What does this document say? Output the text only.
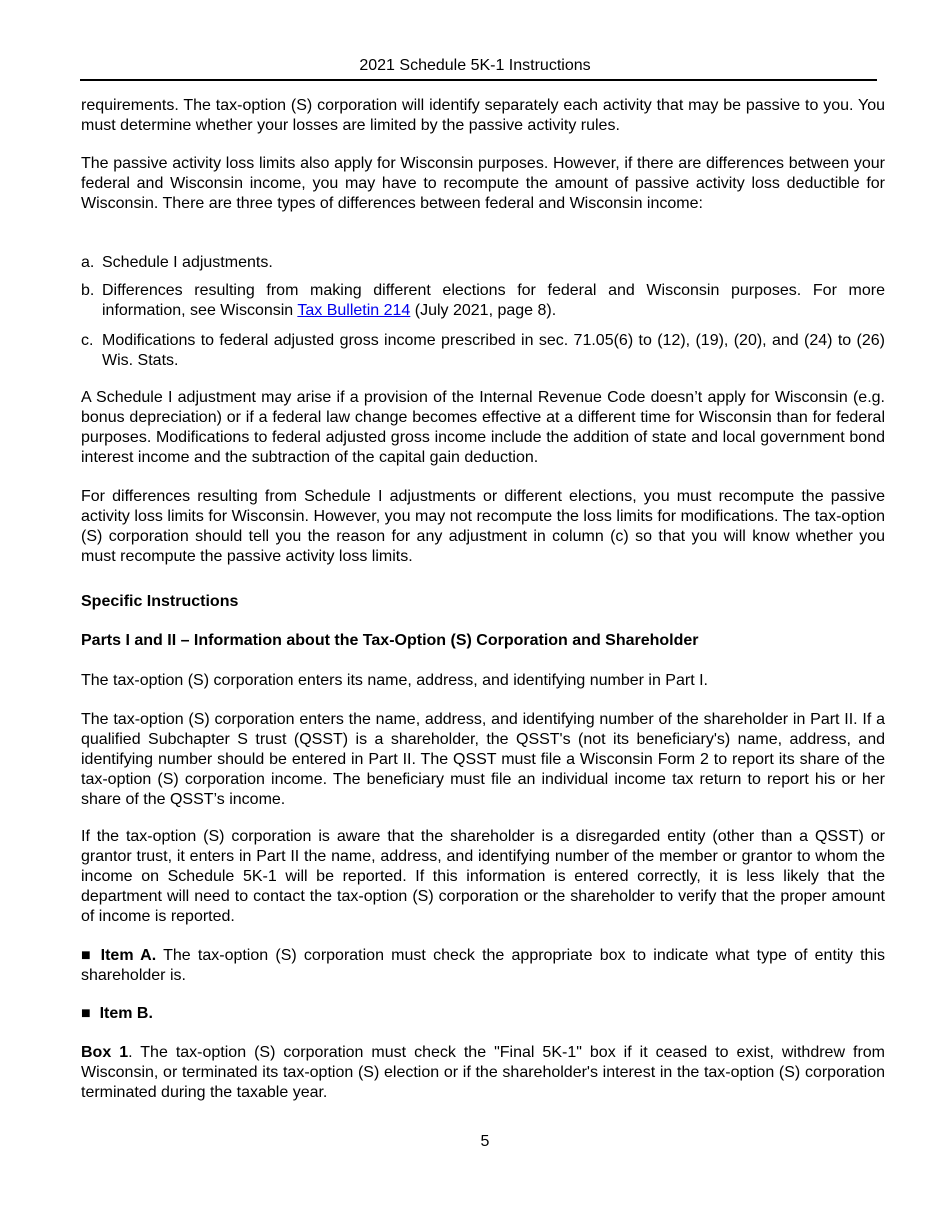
2021 Schedule 5K-1 Instructions
requirements. The tax-option (S) corporation will identify separately each activity that may be passive to you. You must determine whether your losses are limited by the passive activity rules.
The passive activity loss limits also apply for Wisconsin purposes. However, if there are differences between your federal and Wisconsin income, you may have to recompute the amount of passive activity loss deductible for Wisconsin. There are three types of differences between federal and Wisconsin income:
a. Schedule I adjustments.
b. Differences resulting from making different elections for federal and Wisconsin purposes. For more information, see Wisconsin Tax Bulletin 214 (July 2021, page 8).
c. Modifications to federal adjusted gross income prescribed in sec. 71.05(6) to (12), (19), (20), and (24) to (26) Wis. Stats.
A Schedule I adjustment may arise if a provision of the Internal Revenue Code doesn’t apply for Wisconsin (e.g. bonus depreciation) or if a federal law change becomes effective at a different time for Wisconsin than for federal purposes. Modifications to federal adjusted gross income include the addition of state and local government bond interest income and the subtraction of the capital gain deduction.
For differences resulting from Schedule I adjustments or different elections, you must recompute the passive activity loss limits for Wisconsin. However, you may not recompute the loss limits for modifications. The tax-option (S) corporation should tell you the reason for any adjustment in column (c) so that you will know whether you must recompute the passive activity loss limits.
Specific Instructions
Parts I and II – Information about the Tax-Option (S) Corporation and Shareholder
The tax-option (S) corporation enters its name, address, and identifying number in Part I.
The tax-option (S) corporation enters the name, address, and identifying number of the shareholder in Part II. If a qualified Subchapter S trust (QSST) is a shareholder, the QSST's (not its beneficiary's) name, address, and identifying number should be entered in Part II. The QSST must file a Wisconsin Form 2 to report its share of the tax-option (S) corporation income. The beneficiary must file an individual income tax return to report his or her share of the QSST’s income.
If the tax-option (S) corporation is aware that the shareholder is a disregarded entity (other than a QSST) or grantor trust, it enters in Part II the name, address, and identifying number of the member or grantor to whom the income on Schedule 5K-1 will be reported. If this information is entered correctly, it is less likely that the department will need to contact the tax-option (S) corporation or the shareholder to verify that the proper amount of income is reported.
■ Item A. The tax-option (S) corporation must check the appropriate box to indicate what type of entity this shareholder is.
■ Item B.
Box 1. The tax-option (S) corporation must check the "Final 5K-1" box if it ceased to exist, withdrew from Wisconsin, or terminated its tax-option (S) election or if the shareholder's interest in the tax-option (S) corporation terminated during the taxable year.
5
